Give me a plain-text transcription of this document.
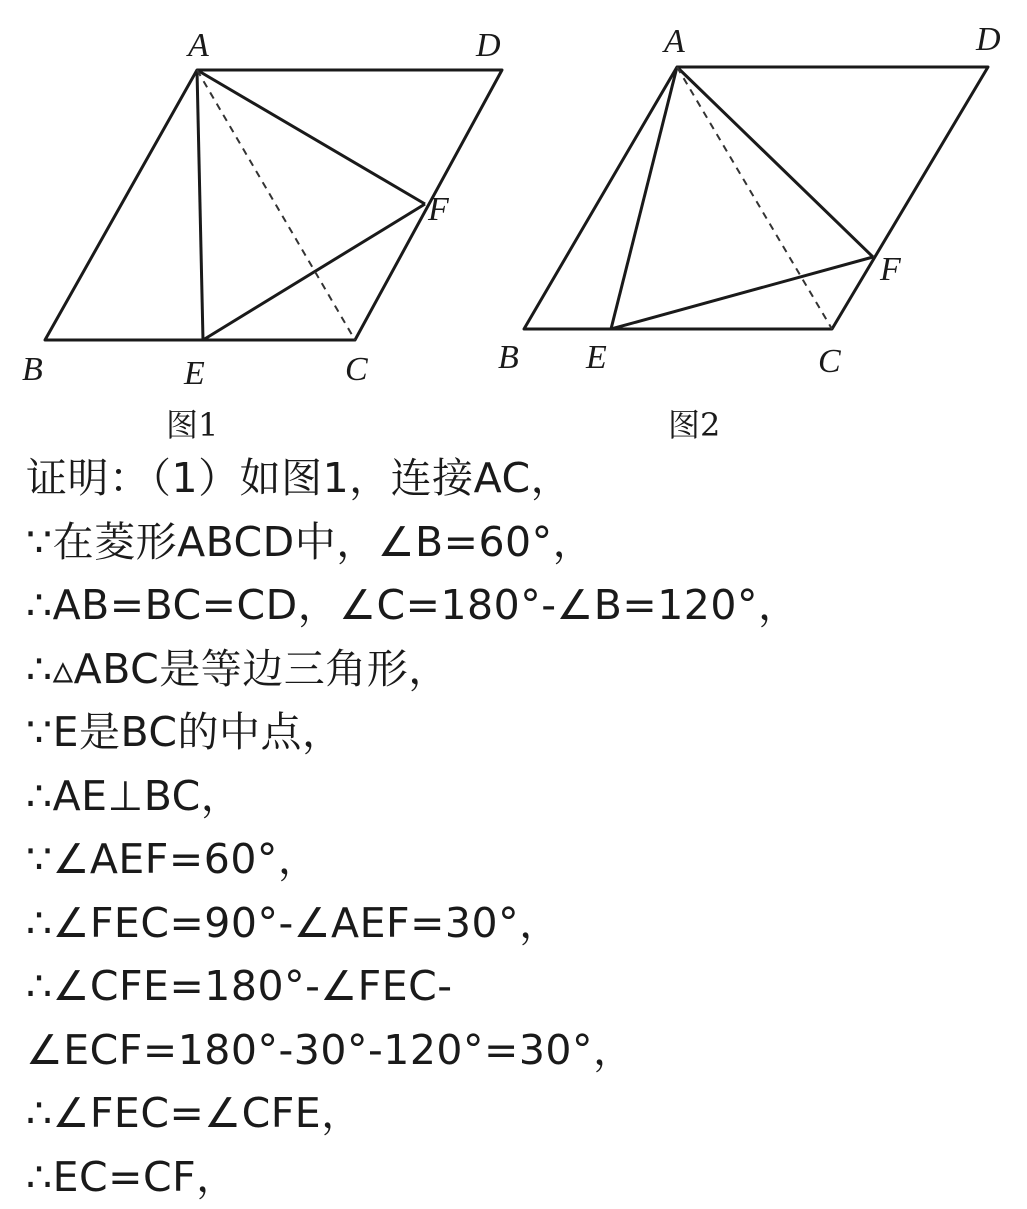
A	D
F
B	E	C
图1
A	D
F
B E	C
图2
证明：（1）如图1，连接AC，
∵在菱形ABCD中，∠B=60°，
∴AB=BC=CD，∠C=180°-∠B=120°，
∴▵ABC是等边三角形，
∵E是BC的中点，
∴AE⊥BC，
∵∠AEF=60°，
∴∠FEC=90°-∠AEF=30°，
∴∠CFE=180°-∠FEC-
∠ECF=180°-30°-120°=30°，
∴∠FEC=∠CFE，
∴EC=CF，
